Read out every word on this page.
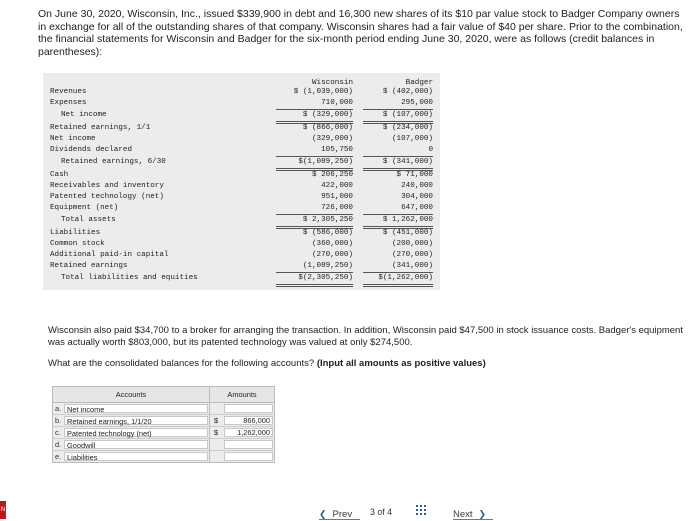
On June 30, 2020, Wisconsin, Inc., issued $339,900 in debt and 16,300 new shares of its $10 par value stock to Badger Company owners in exchange for all of the outstanding shares of that company. Wisconsin shares had a fair value of $40 per share. Prior to the combination, the financial statements for Wisconsin and Badger for the six-month period ending June 30, 2020, were as follows (credit balances in parentheses):
Wisconsin	Badger
Revenues	$ (1,039,000)	$ (402,000)
Expenses	710,000	295,000
Net income	$ (329,000)	$ (107,000)
Retained earnings, 1/1	$ (866,000)	$ (234,000)
Net income	(329,000)	(107,000)
Dividends declared	105,750	0
Retained earnings, 6/30	$(1,089,250)	$ (341,000)
Cash	$ 206,250	$ 71,000
Receivables and inventory	422,000	240,000
Patented technology (net)	951,000	304,000
Equipment (net)	726,000	647,000
Total assets	$ 2,305,250	$ 1,262,000
Liabilities	$ (586,000)	$ (451,000)
Common stock	(360,000)	(200,000)
Additional paid-in capital	(270,000)	(270,000)
Retained earnings	(1,089,250)	(341,000)
Total liabilities and equities	$(2,305,250)	$(1,262,000)
Wisconsin also paid $34,700 to a broker for arranging the transaction. In addition, Wisconsin paid $47,500 in stock issuance costs. Badger's equipment was actually worth $803,000, but its patented technology was valued at only $274,500.
What are the consolidated balances for the following accounts? (Input all amounts as positive values)
Accounts	Amounts
a. Net income
b. Retained earnings, 1/1/20	$	866,000
c. Patented technology (net)	$	1,262,000
d. Goodwill
e. Liabilities
N	❮ Prev 3 of 4	Next ❯
